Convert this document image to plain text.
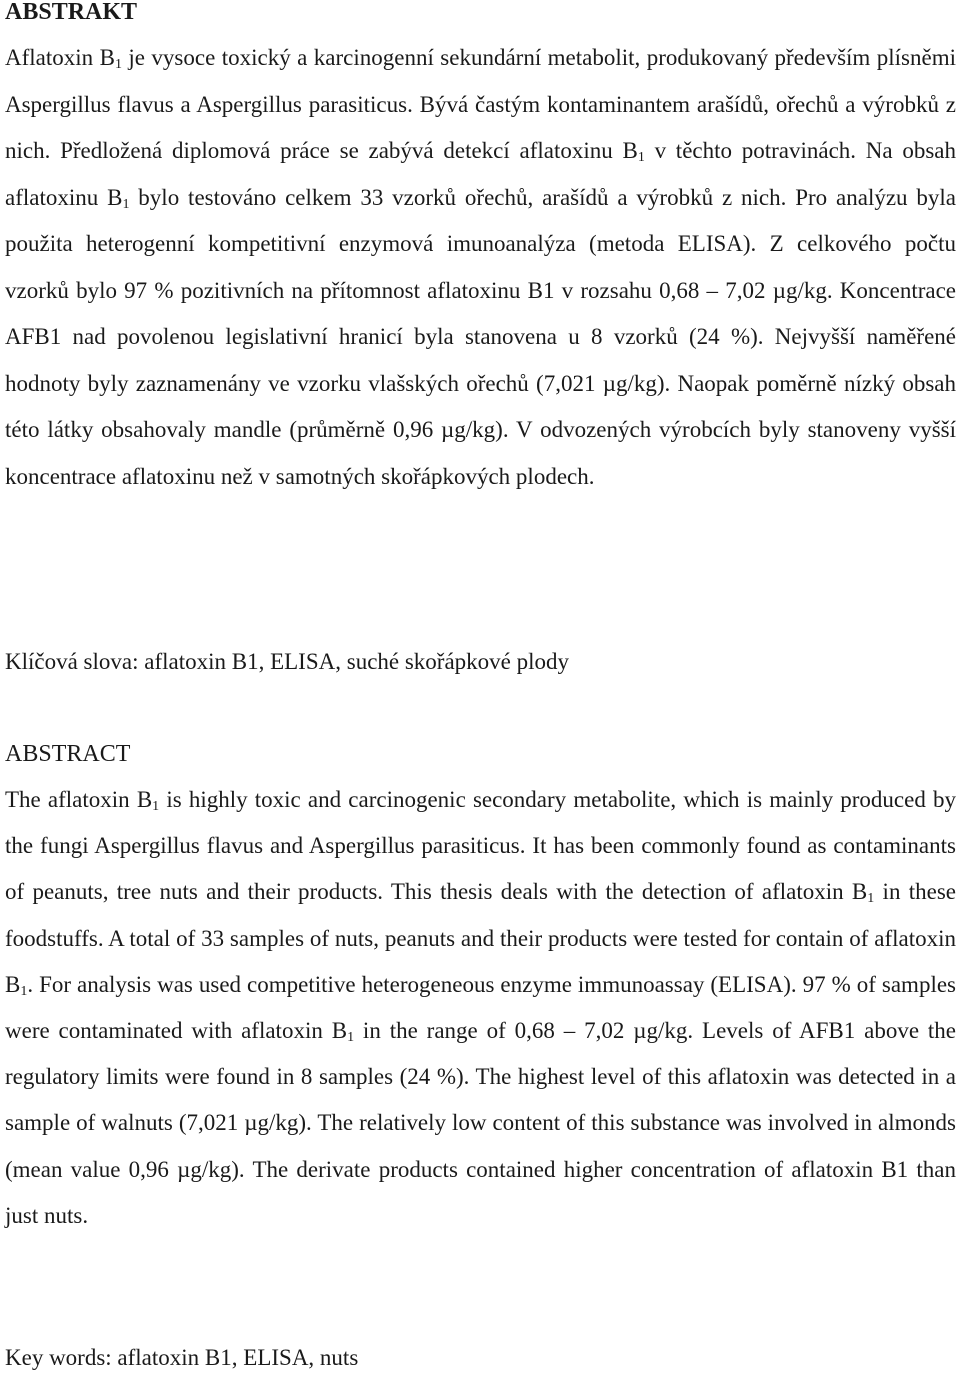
ABSTRAKT

Aflatoxin $B_1$ je vysoce toxický a karcinogenní sekundární metabolit, produkovaný především plísněmi Aspergillus flavus a Aspergillus parasiticus. Bývá častým kontaminantem arašídů, ořechů a výrobků z nich. Předložená diplomová práce se zabývá detekcí aflatoxinu $B_1$ v těchto potravinách. Na obsah aflatoxinu $B_1$ bylo testováno celkem 33 vzorků ořechů, arašídů a výrobků z nich. Pro analýzu byla použita heterogenní kompetitivní enzymová imunoanalýza (metoda ELISA). Z celkového počtu vzorků bylo 97 % pozitivních na přítomnost aflatoxinu B1 v rozsahu 0,68 – 7,02 µg/kg. Koncentrace AFB1 nad povolenou legislativní hranicí byla stanovena u 8 vzorků (24 %). Nejvyšší naměřené hodnoty byly zaznamenány ve vzorku vlašských ořechů (7,021 µg/kg). Naopak poměrně nízký obsah této látky obsahovaly mandle (průměrně 0,96 µg/kg). V odvozených výrobcích byly stanoveny vyšší koncentrace aflatoxinu než v samotných skořápkových plodech.

Klíčová slova: aflatoxin B1, ELISA, suché skořápkové plody

ABSTRACT

The aflatoxin $B_1$ is highly toxic and carcinogenic secondary metabolite, which is mainly produced by the fungi Aspergillus flavus and Aspergillus parasiticus. It has been commonly found as contaminants of peanuts, tree nuts and their products. This thesis deals with the detection of aflatoxin $B_1$ in these foodstuffs. A total of 33 samples of nuts, peanuts and their products were tested for contain of aflatoxin $B_1$. For analysis was used competitive heterogeneous enzyme immunoassay (ELISA). 97 % of samples were contaminated with aflatoxin $B_1$ in the range of 0,68 – 7,02 µg/kg. Levels of AFB1 above the regulatory limits were found in 8 samples (24 %). The highest level of this aflatoxin was detected in a sample of walnuts (7,021 µg/kg). The relatively low content of this substance was involved in almonds (mean value 0,96 µg/kg). The derivate products contained higher concentration of aflatoxin B1 than just nuts.

Key words: aflatoxin B1, ELISA, nuts
